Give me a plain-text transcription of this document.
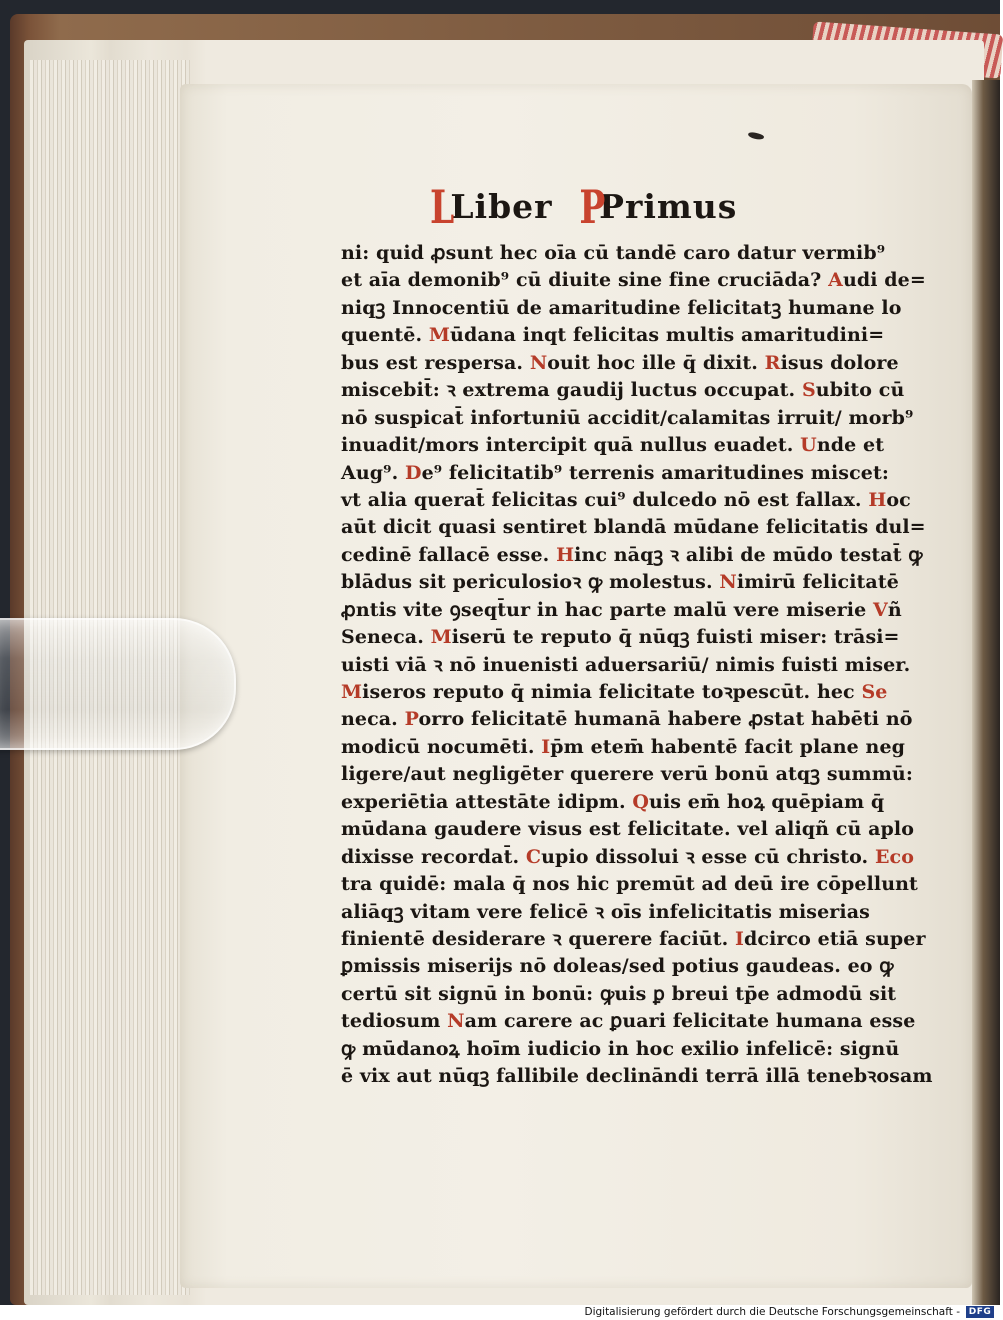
LLiber PPrimus
ni: quid ꝓsunt hec oīa cū tandē caro datur vermib⁹
et aīa demonib⁹ cū diuite sine fine cruciāda? Audi de=
niqꝫ Innocentiū de amaritudine felicitatꝫ humane lo
quentē. Mūdana inqt felicitas multis amaritudini=
bus est respersa. Nouit hoc ille q̄ dixit. Risus dolore
miscebit̄: ꝛ extrema gaudij luctus occupat. Subito cū
nō suspicat̄ infortuniū accidit/calamitas irruit/ morb⁹
inuadit/mors intercipit quā nullus euadet. Unde et
Aug⁹. De⁹ felicitatib⁹ terrenis amaritudines miscet:
vt alia querat̄ felicitas cui⁹ dulcedo nō est fallax. Hoc
aūt dicit quasi sentiret blandā mūdane felicitatis dul=
cedinē fallacē esse. Hinc nāqꝫ ꝛ alibi de mūdo testat̄ ꝙ
blādus sit periculosioꝛ ꝙ molestus. Nimirū felicitatē
ꝓntis vite ꝯseqt̄ur in hac parte malū vere miserie Vñ
Seneca. Miserū te reputo q̄ nūqꝫ fuisti miser: trāsi=
uisti viā ꝛ nō inuenisti aduersariū/ nimis fuisti miser.
Miseros reputo q̄ nimia felicitate toꝛpescūt. hec Se
neca. Porro felicitatē humanā habere ꝓstat habēti nō
modicū nocumēti. Ip̄m etem̄ habentē facit plane neg
ligere/aut negligēter querere verū bonū atqꝫ summū:
experiētia attestāte idipm. Quis em̄ hoꝝ quēpiam q̄
mūdana gaudere visus est felicitate. vel aliqñ cū aplo
dixisse recordat̄. Cupio dissolui ꝛ esse cū christo. Eco
tra quidē: mala q̄ nos hic premūt ad deū ire cōpellunt
aliāqꝫ vitam vere felicē ꝛ oīs infelicitatis miserias
finientē desiderare ꝛ querere faciūt. Idcirco etiā super
ꝑmissis miserijs nō doleas/sed potius gaudeas. eo ꝙ
certū sit signū in bonū: ꝙuis ꝑ breui tp̄e admodū sit
tediosum Nam carere ac ꝑuari felicitate humana esse
ꝙ mūdanoꝝ hoīm iudicio in hoc exilio infelicē: signū
ē vix aut nūqꝫ fallibile declināndi terrā illā tenebꝛosam
Digitalisierung gefördert durch die Deutsche Forschungsgemeinschaft - DFG
